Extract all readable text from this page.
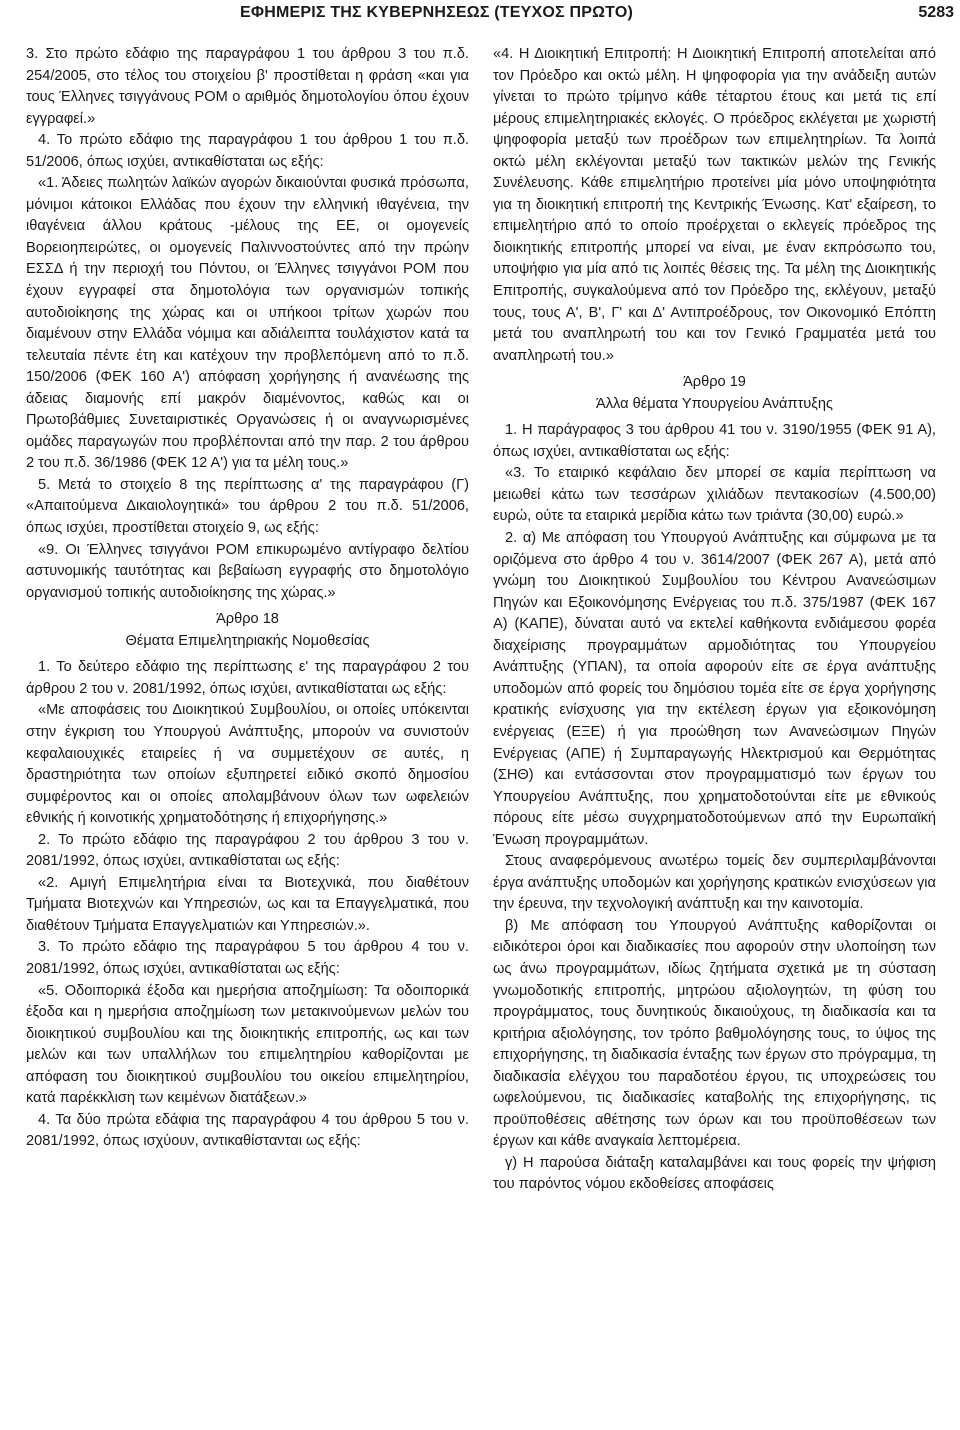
ΕΦΗΜΕΡΙΣ ΤΗΣ ΚΥΒΕΡΝΗΣΕΩΣ (ΤΕΥΧΟΣ ΠΡΩΤΟ)	5283

3. Στο πρώτο εδάφιο της παραγράφου 1 του άρθρου 3 του π.δ. 254/2005, στο τέλος του στοιχείου β' προστίθεται η φράση «και για τους Έλληνες τσιγγάνους ΡΟΜ ο αριθμός δημοτολογίου όπου έχουν εγγραφεί.»

4. Το πρώτο εδάφιο της παραγράφου 1 του άρθρου 1 του π.δ. 51/2006, όπως ισχύει, αντικαθίσταται ως εξής:

«1. Άδειες πωλητών λαϊκών αγορών δικαιούνται φυσικά πρόσωπα, μόνιμοι κάτοικοι Ελλάδας που έχουν την ελληνική ιθαγένεια, την ιθαγένεια άλλου κράτους -μέλους της ΕΕ, οι ομογενείς Βορειοηπειρώτες, οι ομογενείς Παλιννοστούντες από την πρώην ΕΣΣΔ ή την περιοχή του Πόντου, οι Έλληνες τσιγγάνοι ΡΟΜ που έχουν εγγραφεί στα δημοτολόγια των οργανισμών τοπικής αυτοδιοίκησης της χώρας και οι υπήκοοι τρίτων χωρών που διαμένουν στην Ελλάδα νόμιμα και αδιάλειπτα τουλάχιστον κατά τα τελευταία πέντε έτη και κατέχουν την προβλεπόμενη από το π.δ. 150/2006 (ΦΕΚ 160 Α') απόφαση χορήγησης ή ανανέωσης της άδειας διαμονής επί μακρόν διαμένοντος, καθώς και οι Πρωτοβάθμιες Συνεταιριστικές Οργανώσεις ή οι αναγνωρισμένες ομάδες παραγωγών που προβλέπονται από την παρ. 2 του άρθρου 2 του π.δ. 36/1986 (ΦΕΚ 12 Α') για τα μέλη τους.»

5. Μετά το στοιχείο 8 της περίπτωσης α' της παραγράφου (Γ) «Απαιτούμενα Δικαιολογητικά» του άρθρου 2 του π.δ. 51/2006, όπως ισχύει, προστίθεται στοιχείο 9, ως εξής:

«9. Οι Έλληνες τσιγγάνοι ΡΟΜ επικυρωμένο αντίγραφο δελτίου αστυνομικής ταυτότητας και βεβαίωση εγγραφής στο δημοτολόγιο οργανισμού τοπικής αυτοδιοίκησης της χώρας.»

Άρθρο 18

Θέματα Επιμελητηριακής Νομοθεσίας

1. Το δεύτερο εδάφιο της περίπτωσης ε' της παραγράφου 2 του άρθρου 2 του ν. 2081/1992, όπως ισχύει, αντικαθίσταται ως εξής:

«Με αποφάσεις του Διοικητικού Συμβουλίου, οι οποίες υπόκεινται στην έγκριση του Υπουργού Ανάπτυξης, μπορούν να συνιστούν κεφαλαιουχικές εταιρείες ή να συμμετέχουν σε αυτές, η δραστηριότητα των οποίων εξυπηρετεί ειδικό σκοπό δημοσίου συμφέροντος και οι οποίες απολαμβάνουν όλων των ωφελειών εθνικής ή κοινοτικής χρηματοδότησης ή επιχορήγησης.»

2. Το πρώτο εδάφιο της παραγράφου 2 του άρθρου 3 του ν. 2081/1992, όπως ισχύει, αντικαθίσταται ως εξής:

«2. Αμιγή Επιμελητήρια είναι τα Βιοτεχνικά, που διαθέτουν Τμήματα Βιοτεχνών και Υπηρεσιών, ως και τα Επαγγελματικά, που διαθέτουν Τμήματα Επαγγελματιών και Υπηρεσιών.».

3. Το πρώτο εδάφιο της παραγράφου 5 του άρθρου 4 του ν. 2081/1992, όπως ισχύει, αντικαθίσταται ως εξής:

«5. Οδοιπορικά έξοδα και ημερήσια αποζημίωση: Τα οδοιπορικά έξοδα και η ημερήσια αποζημίωση των μετακινούμενων μελών του διοικητικού συμβουλίου και της διοικητικής επιτροπής, ως και των μελών και των υπαλλήλων του επιμελητηρίου καθορίζονται με απόφαση του διοικητικού συμβουλίου του οικείου επιμελητηρίου, κατά παρέκκλιση των κειμένων διατάξεων.»

4. Τα δύο πρώτα εδάφια της παραγράφου 4 του άρθρου 5 του ν. 2081/1992, όπως ισχύουν, αντικαθίστανται ως εξής:

«4. Η Διοικητική Επιτροπή: Η Διοικητική Επιτροπή αποτελείται από τον Πρόεδρο και οκτώ μέλη. Η ψηφοφορία για την ανάδειξη αυτών γίνεται το πρώτο τρίμηνο κάθε τέταρτου έτους και μετά τις επί μέρους επιμελητηριακές εκλογές. Ο πρόεδρος εκλέγεται με χωριστή ψηφοφορία μεταξύ των προέδρων των επιμελητηρίων. Τα λοιπά οκτώ μέλη εκλέγονται μεταξύ των τακτικών μελών της Γενικής Συνέλευσης. Κάθε επιμελητήριο προτείνει μία μόνο υποψηφιότητα για τη διοικητική επιτροπή της Κεντρικής Ένωσης. Κατ' εξαίρεση, το επιμελητήριο από το οποίο προέρχεται ο εκλεγείς πρόεδρος της διοικητικής επιτροπής μπορεί να είναι, με έναν εκπρόσωπο του, υποψήφιο για μία από τις λοιπές θέσεις της. Τα μέλη της Διοικητικής Επιτροπής, συγκαλούμενα από τον Πρόεδρο της, εκλέγουν, μεταξύ τους, τους Α', Β', Γ' και Δ' Αντιπροέδρους, τον Οικονομικό Επόπτη μετά του αναπληρωτή του και τον Γενικό Γραμματέα μετά του αναπληρωτή του.»

Άρθρο 19

Άλλα θέματα Υπουργείου Ανάπτυξης

1. Η παράγραφος 3 του άρθρου 41 του ν. 3190/1955 (ΦΕΚ 91 Α), όπως ισχύει, αντικαθίσταται ως εξής:

«3. Το εταιρικό κεφάλαιο δεν μπορεί σε καμία περίπτωση να μειωθεί κάτω των τεσσάρων χιλιάδων πεντακοσίων (4.500,00) ευρώ, ούτε τα εταιρικά μερίδια κάτω των τριάντα (30,00) ευρώ.»

2. α) Με απόφαση του Υπουργού Ανάπτυξης και σύμφωνα με τα οριζόμενα στο άρθρο 4 του ν. 3614/2007 (ΦΕΚ 267 Α), μετά από γνώμη του Διοικητικού Συμβουλίου του Κέντρου Ανανεώσιμων Πηγών και Εξοικονόμησης Ενέργειας του π.δ. 375/1987 (ΦΕΚ 167 Α) (ΚΑΠΕ), δύναται αυτό να εκτελεί καθήκοντα ενδιάμεσου φορέα διαχείρισης προγραμμάτων αρμοδιότητας του Υπουργείου Ανάπτυξης (ΥΠΑΝ), τα οποία αφορούν είτε σε έργα ανάπτυξης υποδομών από φορείς του δημόσιου τομέα είτε σε έργα χορήγησης κρατικής ενίσχυσης για την εκτέλεση έργων για εξοικονόμηση ενέργειας (ΕΞΕ) ή για προώθηση των Ανανεώσιμων Πηγών Ενέργειας (ΑΠΕ) ή Συμπαραγωγής Ηλεκτρισμού και Θερμότητας (ΣΗΘ) και εντάσσονται στον προγραμματισμό των έργων του Υπουργείου Ανάπτυξης, που χρηματοδοτούνται είτε με εθνικούς πόρους είτε μέσω συγχρηματοδοτούμενων από την Ευρωπαϊκή Ένωση προγραμμάτων.

Στους αναφερόμενους ανωτέρω τομείς δεν συμπεριλαμβάνονται έργα ανάπτυξης υποδομών και χορήγησης κρατικών ενισχύσεων για την έρευνα, την τεχνολογική ανάπτυξη και την καινοτομία.

β) Με απόφαση του Υπουργού Ανάπτυξης καθορίζονται οι ειδικότεροι όροι και διαδικασίες που αφορούν στην υλοποίηση των ως άνω προγραμμάτων, ιδίως ζητήματα σχετικά με τη σύσταση γνωμοδοτικής επιτροπής, μητρώου αξιολογητών, τη φύση του προγράμματος, τους δυνητικούς δικαιούχους, τη διαδικασία και τα κριτήρια αξιολόγησης, τον τρόπο βαθμολόγησης τους, το ύψος της επιχορήγησης, τη διαδικασία ένταξης των έργων στο πρόγραμμα, τη διαδικασία ελέγχου του παραδοτέου έργου, τις υποχρεώσεις του ωφελούμενου, τις διαδικασίες καταβολής της επιχορήγησης, τις προϋποθέσεις αθέτησης των όρων και του προϋποθέσεων των έργων και κάθε αναγκαία λεπτομέρεια.

γ) Η παρούσα διάταξη καταλαμβάνει και τους φορείς την ψήφιση του παρόντος νόμου εκδοθείσες αποφάσεις
